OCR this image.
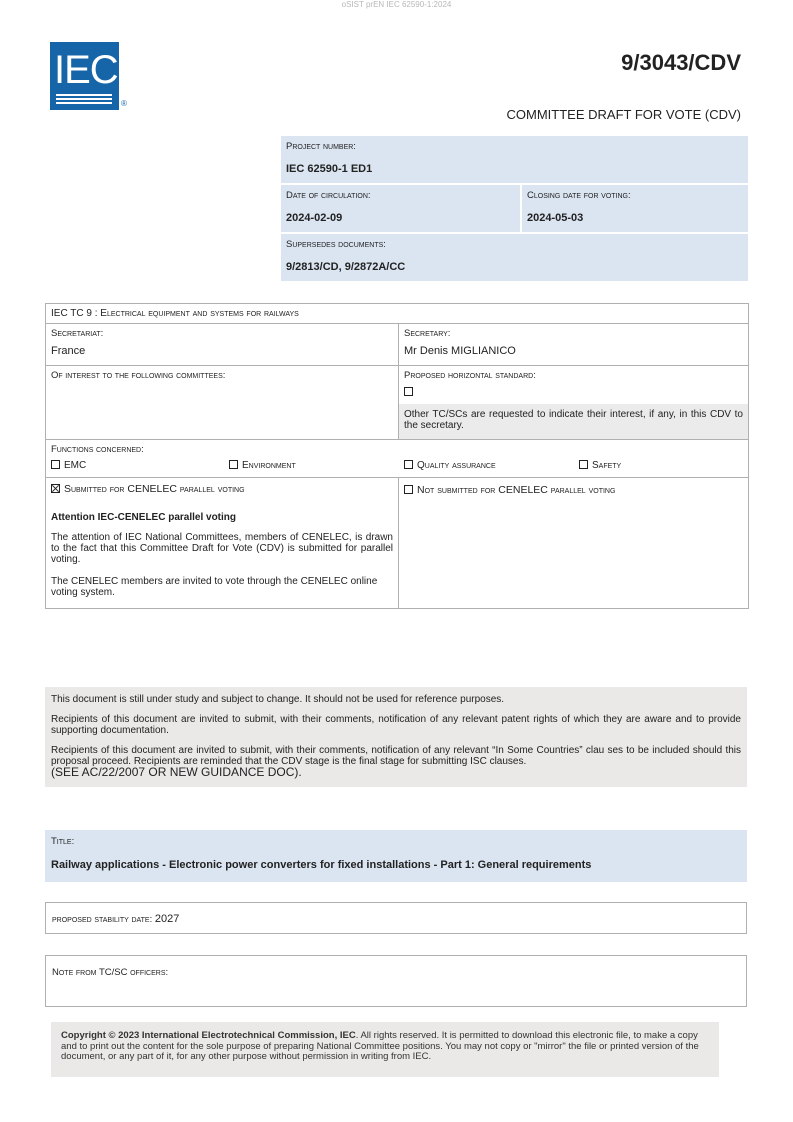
oSIST prEN IEC 62590-1:2024
IEC
®
9/3043/CDV
COMMITTEE DRAFT FOR VOTE (CDV)
Project number:
IEC 62590-1 ED1
Date of circulation:
2024-02-09
Closing date for voting:
2024-05-03
Supersedes documents:
9/2813/CD, 9/2872A/CC
IEC TC 9 : Electrical equipment and systems for railways
Secretariat:
France
Secretary:
Mr Denis MIGLIANICO
Of interest to the following committees:	Proposed horizontal standard:
Other TC/SCs are requested to indicate their interest, if any, in this CDV to the secretary.
Functions concerned:
EMC	Environment	Quality assurance	Safety
Submitted for CENELEC parallel voting
Attention IEC-CENELEC parallel voting
The attention of IEC National Committees, members of CENELEC, is drawn to the fact that this Committee Draft for Vote (CDV) is submitted for parallel voting.
The CENELEC members are invited to vote through the CENELEC online voting system.
Not submitted for CENELEC parallel voting

This document is still under study and subject to change. It should not be used for reference purposes.

Recipients of this document are invited to submit, with their comments, notification of any relevant patent rights of which they are aware and to provide supporting documentation.

Recipients of this document are invited to submit, with their comments, notification of any relevant “In Some Countries” clau ses to be included should this proposal proceed. Recipients are reminded that the CDV stage is the final stage for submitting ISC clauses.
(SEE AC/22/2007 OR NEW GUIDANCE DOC).

Title:
Railway applications - Electronic power converters for fixed installations - Part 1: General requirements
proposed stability date: 2027
Note from TC/SC officers:
Copyright © 2023 International Electrotechnical Commission, IEC. All rights reserved. It is permitted to download this electronic file, to make a copy and to print out the content for the sole purpose of preparing National Committee positions. You may not copy or "mirror" the file or printed version of the document, or any part of it, for any other purpose without permission in writing from IEC.
